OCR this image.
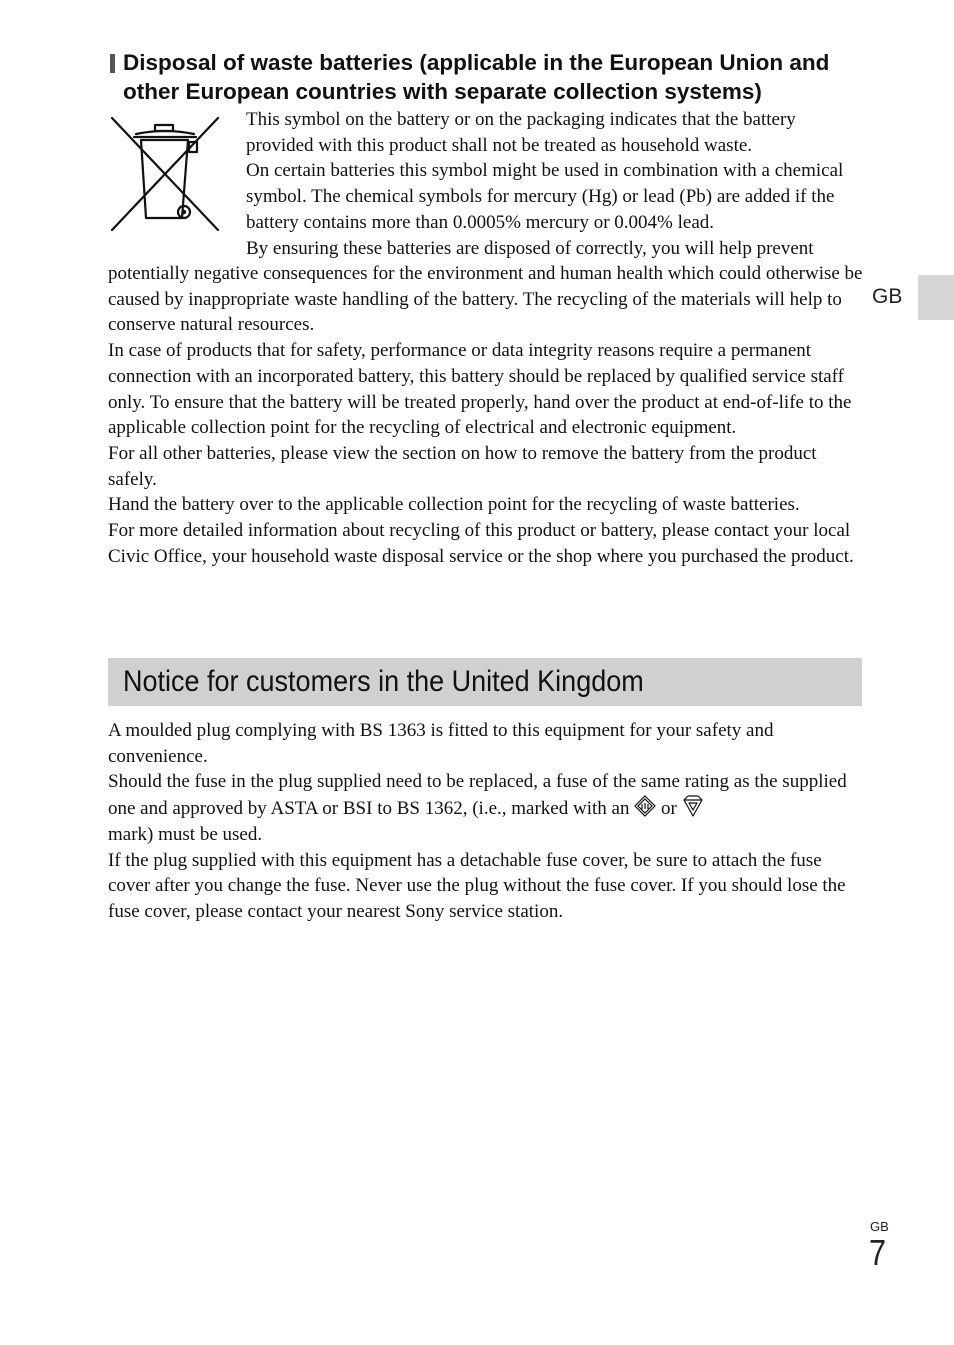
Disposal of waste batteries (applicable in the European Union and other European countries with separate collection systems)

This symbol on the battery or on the packaging indicates that the battery provided with this product shall not be treated as household waste.

On certain batteries this symbol might be used in combination with a chemical symbol. The chemical symbols for mercury (Hg) or lead (Pb) are added if the battery contains more than 0.0005% mercury or 0.004% lead.

By ensuring these batteries are disposed of correctly, you will help prevent

potentially negative consequences for the environment and human health which could otherwise be caused by inappropriate waste handling of the battery. The recycling of the materials will help to conserve natural resources.

In case of products that for safety, performance or data integrity reasons require a permanent connection with an incorporated battery, this battery should be replaced by qualified service staff only. To ensure that the battery will be treated properly, hand over the product at end-of-life to the applicable collection point for the recycling of electrical and electronic equipment.

For all other batteries, please view the section on how to remove the battery from the product safely.

Hand the battery over to the applicable collection point for the recycling of waste batteries.

For more detailed information about recycling of this product or battery, please contact your local Civic Office, your household waste disposal service or the shop where you purchased the product.

Notice for customers in the United Kingdom

A moulded plug complying with BS 1363 is fitted to this equipment for your safety and convenience.

Should the fuse in the plug supplied need to be replaced, a fuse of the same rating as the supplied one and approved by ASTA or BSI to BS 1362, (i.e., marked with an or
mark) must be used.

If the plug supplied with this equipment has a detachable fuse cover, be sure to attach the fuse cover after you change the fuse. Never use the plug without the fuse cover. If you should lose the fuse cover, please contact your nearest Sony service station.

GB
GB
7
